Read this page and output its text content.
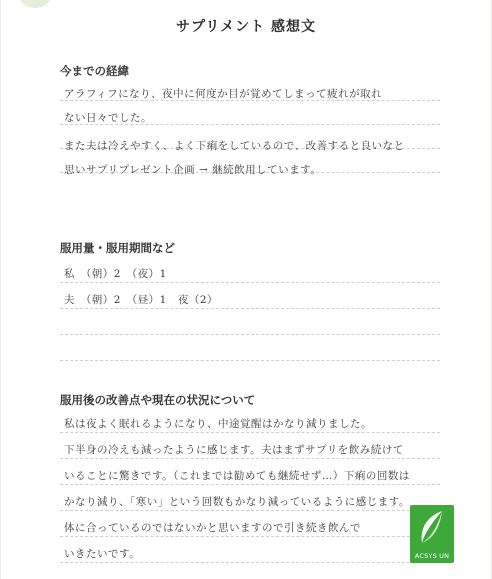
サプリメント 感想文
今までの経緯
アラフィフになり、夜中に何度か目が覚めてしまって疲れが取れ
ない日々でした。
また夫は冷えやすく、よく下痢をしているので、改善すると良いなと
思いサプリプレゼント企画 → 継続飲用しています。
服用量・服用期間など
私　（朝）2　（夜）1
夫　（朝）2　（昼）1　夜（2）
服用後の改善点や現在の状況について
私は夜よく眠れるようになり、中途覚醒はかなり減りました。
下半身の冷えも減ったように感じます。夫はまずサプリを飲み続けて
いることに驚きです。（これまでは勧めても継続せず…）下痢の回数は
かなり減り、「寒い」という回数もかなり減っているように感じます。
体に合っているのではないかと思いますので引き続き飲んで
いきたいです。	ACSYS UN
